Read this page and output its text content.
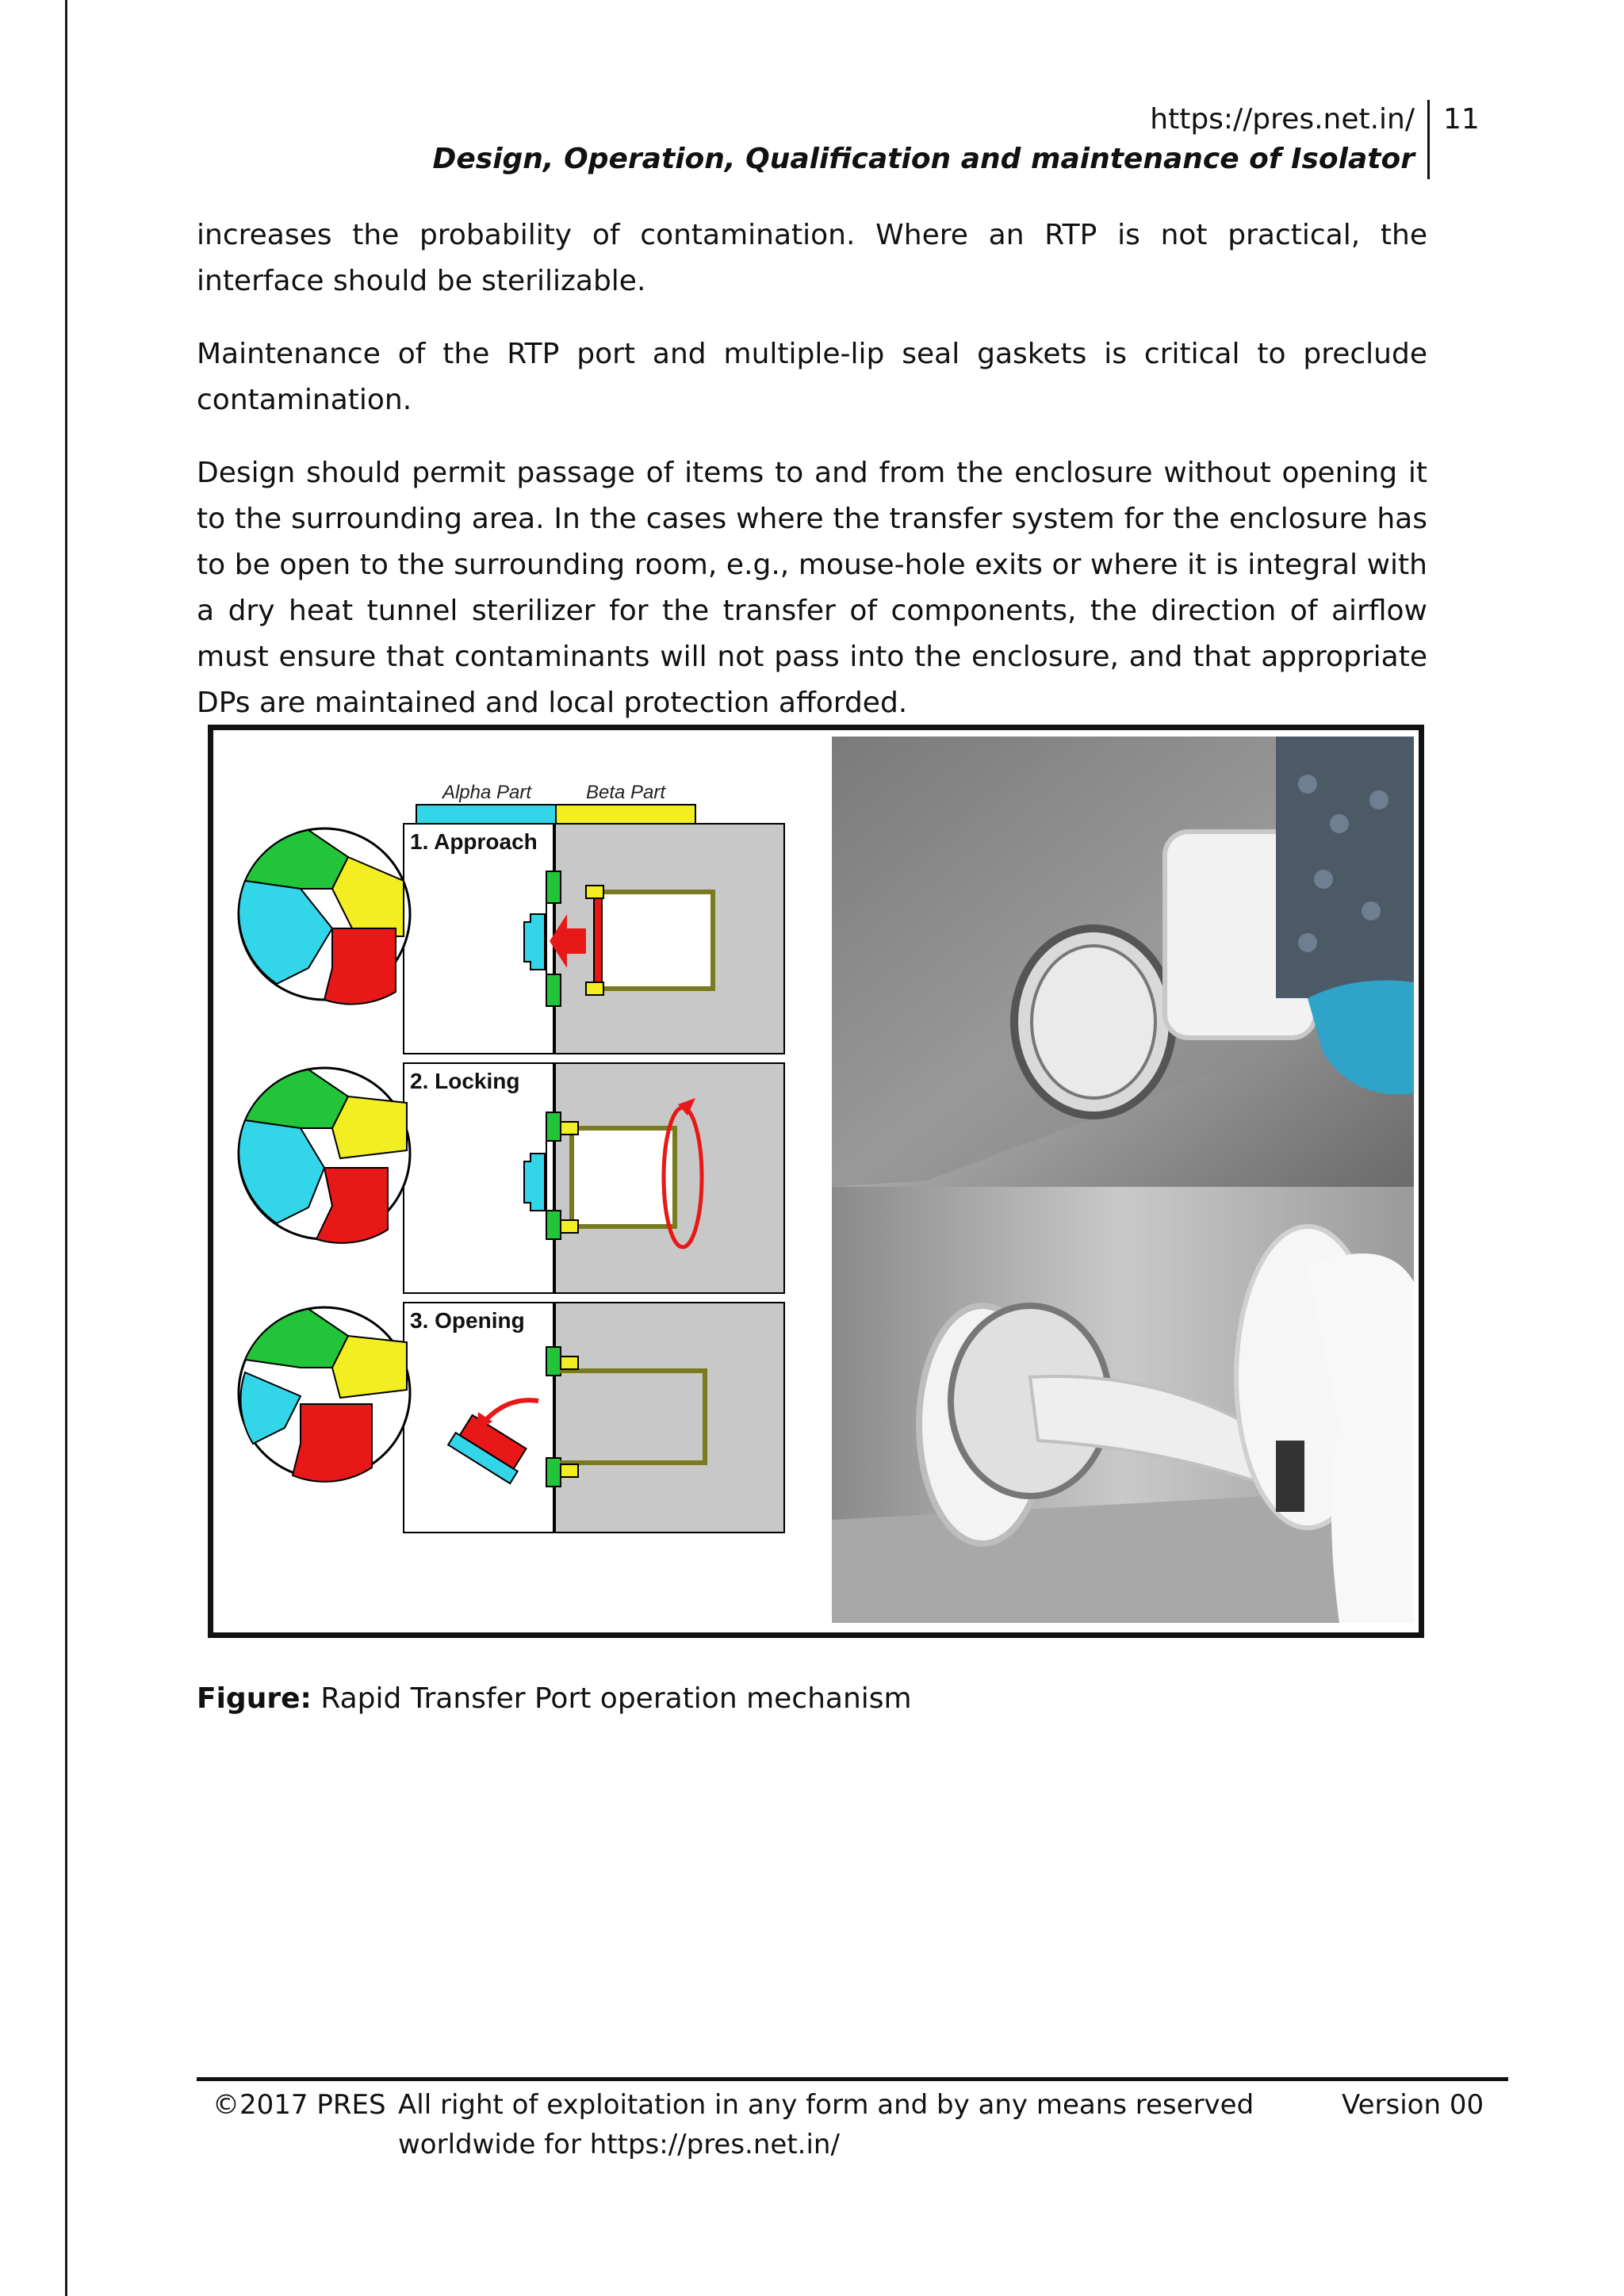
https://pres.net.in/
Design, Operation, Qualification and maintenance of Isolator
11

increases the probability of contamination. Where an RTP is not practical, the interface should be sterilizable.

Maintenance of the RTP port and multiple-lip seal gaskets is critical to preclude contamination.

Design should permit passage of items to and from the enclosure without opening it to the surrounding area. In the cases where the transfer system for the enclosure has to be open to the surrounding room, e.g., mouse-hole exits or where it is integral with a dry heat tunnel sterilizer for the transfer of components, the direction of airflow must ensure that contaminants will not pass into the enclosure, and that appropriate DPs are maintained and local protection afforded.

Alpha Part	Beta Part
1. Approach
2. Locking
3. Opening
Figure: Rapid Transfer Port operation mechanism
©2017 PRES All right of exploitation in any form and by any means reserved worldwide for https://pres.net.in/
Version 00
